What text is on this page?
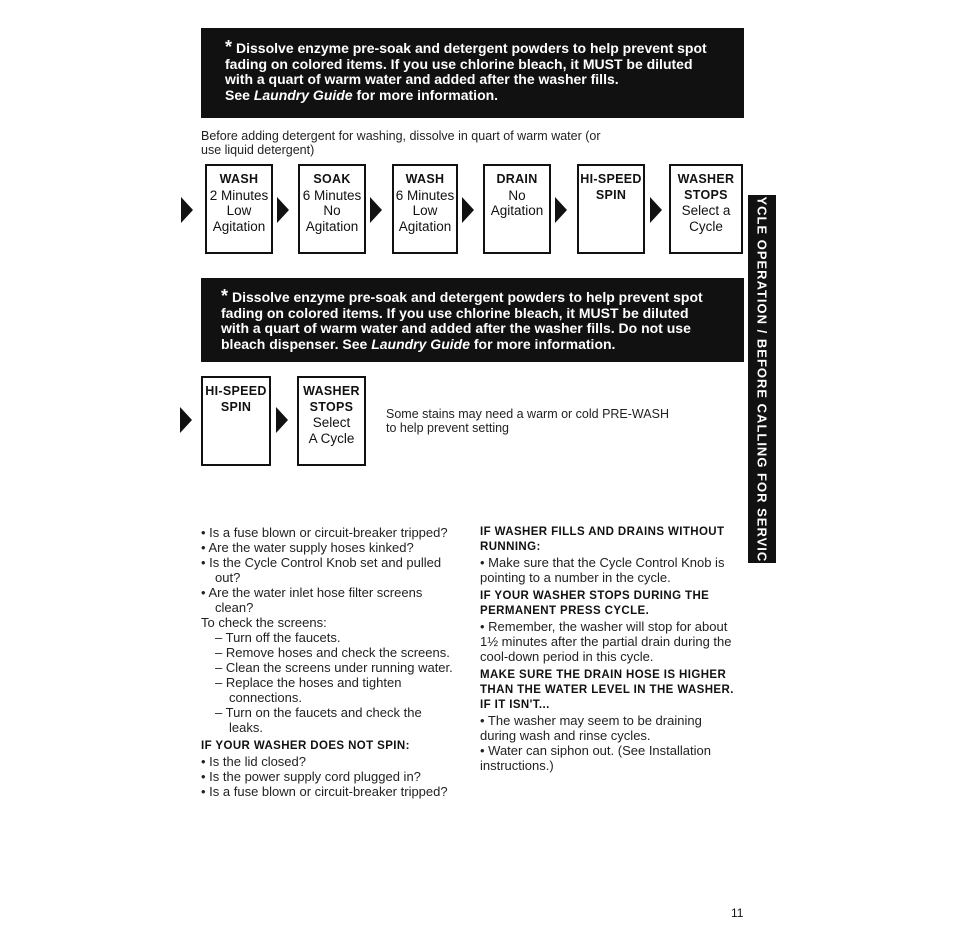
* Dissolve enzyme pre-soak and detergent powders to help prevent spot
fading on colored items. If you use chlorine bleach, it MUST be diluted
with a quart of warm water and added after the washer fills.
See Laundry Guide for more information.
Before adding detergent for washing, dissolve in quart of warm water (or
use liquid detergent)
WASH
2 Minutes
Low
Agitation
SOAK
6 Minutes
No
Agitation
WASH
6 Minutes
Low
Agitation
DRAIN
No
Agitation
HI-SPEED
SPIN
WASHER
STOPS
Select a
Cycle
* Dissolve enzyme pre-soak and detergent powders to help prevent spot
fading on colored items. If you use chlorine bleach, it MUST be diluted
with a quart of warm water and added after the washer fills. Do not use
bleach dispenser. See Laundry Guide for more information.
HI-SPEED
SPIN
WASHER
STOPS
Select
A Cycle
Some stains may need a warm or cold PRE-WASH
to help prevent setting	CYCLE OPERATION / BEFORE CALLING FOR SERVICE

• Is a fuse blown or circuit-breaker tripped?

• Are the water supply hoses kinked?

• Is the Cycle Control Knob set and pulled out?

• Are the water inlet hose filter screens clean?

To check the screens:

– Turn off the faucets.

– Remove hoses and check the screens.

– Clean the screens under running water.

– Replace the hoses and tighten connections.

– Turn on the faucets and check the leaks.

IF YOUR WASHER DOES NOT SPIN:

• Is the lid closed?

• Is the power supply cord plugged in?

• Is a fuse blown or circuit-breaker tripped?

IF WASHER FILLS AND DRAINS WITHOUT RUNNING:

• Make sure that the Cycle Control Knob is pointing to a number in the cycle.

IF YOUR WASHER STOPS DURING THE PERMANENT PRESS CYCLE.

• Remember, the washer will stop for about 1½ minutes after the partial drain during the cool-down period in this cycle.

MAKE SURE THE DRAIN HOSE IS HIGHER THAN THE WATER LEVEL IN THE WASHER. IF IT ISN'T...

• The washer may seem to be draining during wash and rinse cycles.

• Water can siphon out. (See Installation instructions.)

11
